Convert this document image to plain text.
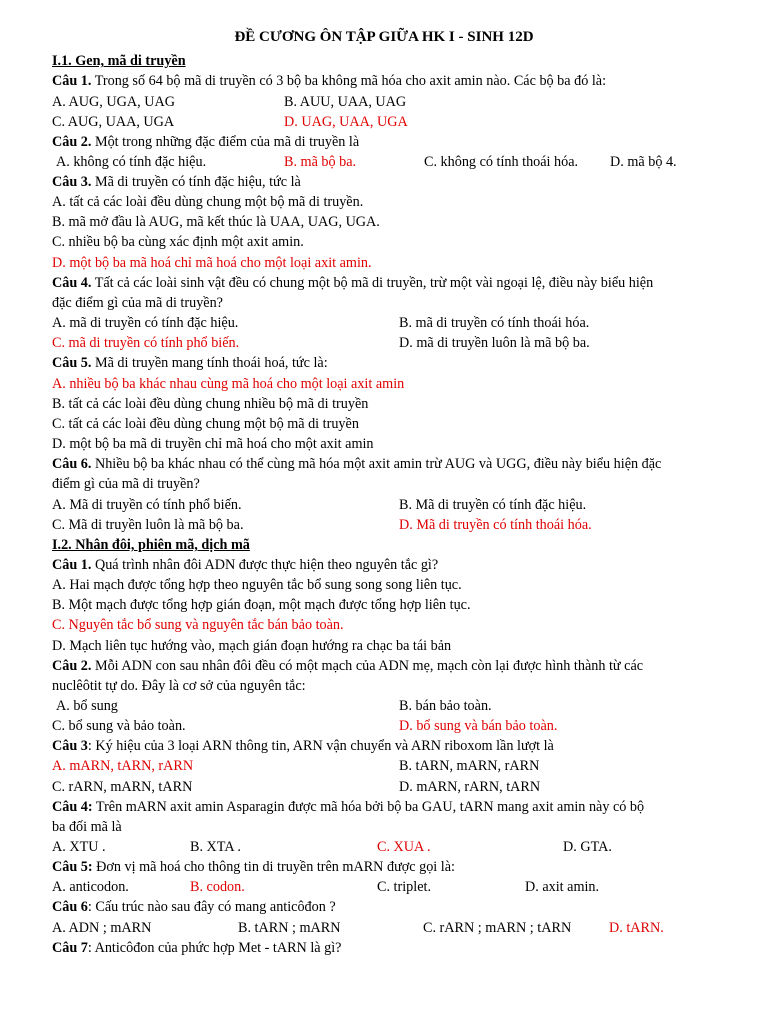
ĐỀ CƯƠNG ÔN TẬP GIỮA HK I - SINH 12D
I.1. Gen, mã di truyền
Câu 1. Trong số 64 bộ mã di truyền có 3 bộ ba không mã hóa cho axit amin nào. Các bộ ba đó là:
A. AUG, UGA, UAG	B. AUU, UAA, UAG
C. AUG, UAA, UGA	D. UAG, UAA, UGA
Câu 2. Một trong những đặc điểm của mã di truyền là
A. không có tính đặc hiệu.	B. mã bộ ba.	C. không có tính thoái hóa. D. mã bộ 4.
Câu 3. Mã di truyền có tính đặc hiệu, tức là
A. tất cả các loài đều dùng chung một bộ mã di truyền.
B. mã mở đầu là AUG, mã kết thúc là UAA, UAG, UGA.
C. nhiều bộ ba cùng xác định một axit amin.
D. một bộ ba mã hoá chỉ mã hoá cho một loại axit amin.
Câu 4. Tất cả các loài sinh vật đều có chung một bộ mã di truyền, trừ một vài ngoại lệ, điều này biểu hiện
đặc điểm gì của mã di truyền?
A. mã di truyền có tính đặc hiệu.	B. mã di truyền có tính thoái hóa.
C. mã di truyền có tính phổ biến.	D. mã di truyền luôn là mã bộ ba.
Câu 5. Mã di truyền mang tính thoái hoá, tức là:
A. nhiều bộ ba khác nhau cùng mã hoá cho một loại axit amin
B. tất cả các loài đều dùng chung nhiều bộ mã di truyền
C. tất cả các loài đều dùng chung một bộ mã di truyền
D. một bộ ba mã di truyền chỉ mã hoá cho một axit amin
Câu 6. Nhiều bộ ba khác nhau có thể cùng mã hóa một axit amin trừ AUG và UGG, điều này biểu hiện đặc
điểm gì của mã di truyền?
A. Mã di truyền có tính phổ biến.	B. Mã di truyền có tính đặc hiệu.
C. Mã di truyền luôn là mã bộ ba.	D. Mã di truyền có tính thoái hóa.
I.2. Nhân đôi, phiên mã, dịch mã
Câu 1. Quá trình nhân đôi ADN được thực hiện theo nguyên tắc gì?
A. Hai mạch được tổng hợp theo nguyên tắc bổ sung song song liên tục.
B. Một mạch được tổng hợp gián đoạn, một mạch được tổng hợp liên tục.
C. Nguyên tắc bổ sung và nguyên tắc bán bảo toàn.
D. Mạch liên tục hướng vào, mạch gián đoạn hướng ra chạc ba tái bản
Câu 2. Mỗi ADN con sau nhân đôi đều có một mạch của ADN mẹ, mạch còn lại được hình thành từ các
nuclêôtit tự do. Đây là cơ sở của nguyên tắc:
A. bổ sung	B. bán bảo toàn.
C. bổ sung và bảo toàn.	D. bổ sung và bán bảo toàn.
Câu 3: Ký hiệu của 3 loại ARN thông tin, ARN vận chuyển và ARN riboxom lần lượt là
A. mARN, tARN, rARN	B. tARN, mARN, rARN
C. rARN, mARN, tARN	D. mARN, rARN, tARN
Câu 4: Trên mARN axit amin Asparagin được mã hóa bởi bộ ba GAU, tARN mang axit amin này có bộ
ba đối mã là
A. XTU .	B. XTA .	C. XUA .	D. GTA.
Câu 5: Đơn vị mã hoá cho thông tin di truyền trên mARN được gọi là:
A. anticodon.	B. codon.	C. triplet.	D. axit amin.
Câu 6: Cấu trúc nào sau đây có mang anticôđon ?
A. ADN ; mARN	B. tARN ; mARN	C. rARN ; mARN ; tARN	D. tARN.
Câu 7: Anticôđon của phức hợp Met - tARN là gì?
